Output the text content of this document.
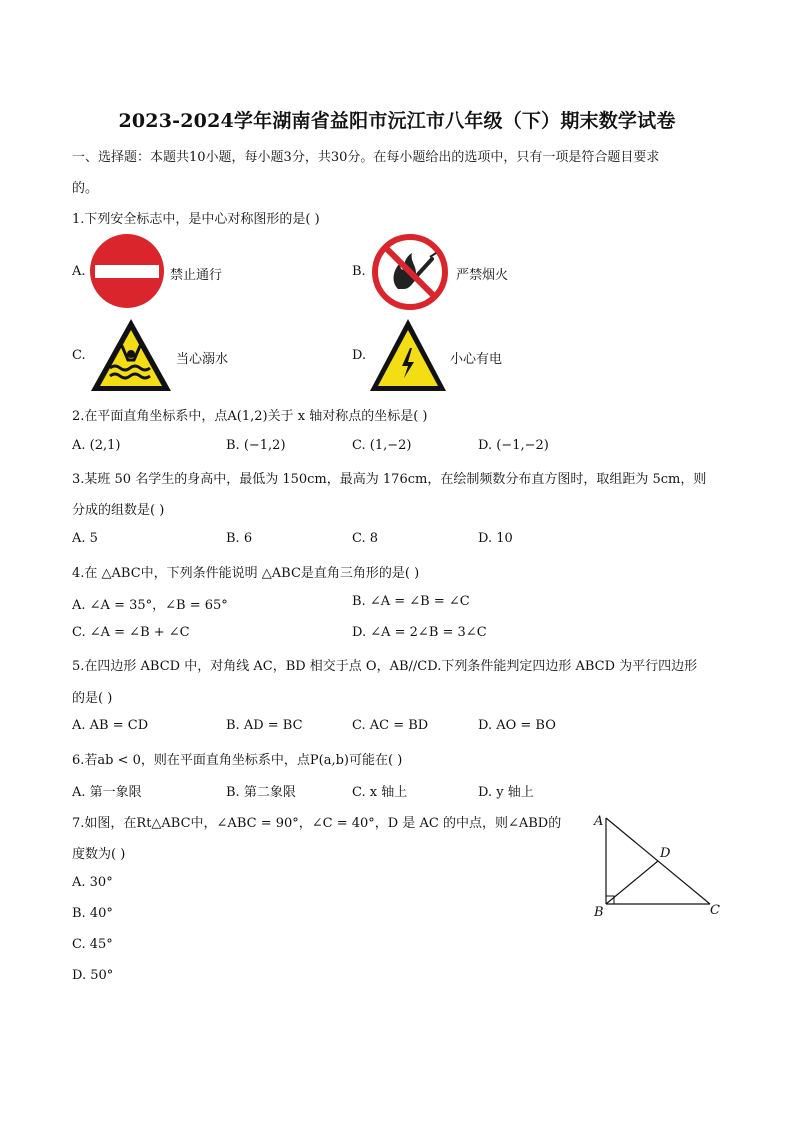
2023-2024学年湖南省益阳市沅江市八年级（下）期末数学试卷
一、选择题：本题共10小题，每小题3分，共30分。在每小题给出的选项中，只有一项是符合题目要求
的。
1.下列安全标志中，是中心对称图形的是( )
A.	禁止通行	B.	严禁烟火
C.	当心溺水	D.	小心有电
2.在平面直角坐标系中，点A(1,2)关于 x 轴对称点的坐标是( )
A. (2,1)	B. (−1,2)	C. (1,−2)	D. (−1,−2)
3.某班 50 名学生的身高中，最低为 150cm，最高为 176cm，在绘制频数分布直方图时，取组距为 5cm，则
分成的组数是( )
A. 5	B. 6	C. 8	D. 10
4.在 △ABC中，下列条件能说明 △ABC是直角三角形的是( )
A. ∠A = 35°，∠B = 65°	B. ∠A = ∠B = ∠C
C. ∠A = ∠B + ∠C	D. ∠A = 2∠B = 3∠C
5.在四边形 ABCD 中，对角线 AC，BD 相交于点 O，AB//CD.下列条件能判定四边形 ABCD 为平行四边形
的是( )
A. AB = CD	B. AD = BC	C. AC = BD	D. AO = BO
6.若ab < 0，则在平面直角坐标系中，点P(a,b)可能在( )
A. 第一象限	B. 第二象限	C. x 轴上	D. y 轴上
7.如图，在Rt△ABC中，∠ABC = 90°，∠C = 40°，D 是 AC 的中点，则∠ABD的
度数为( )
A. 30°
B. 40°
C. 45°
D. 50°
A
B	C
D
